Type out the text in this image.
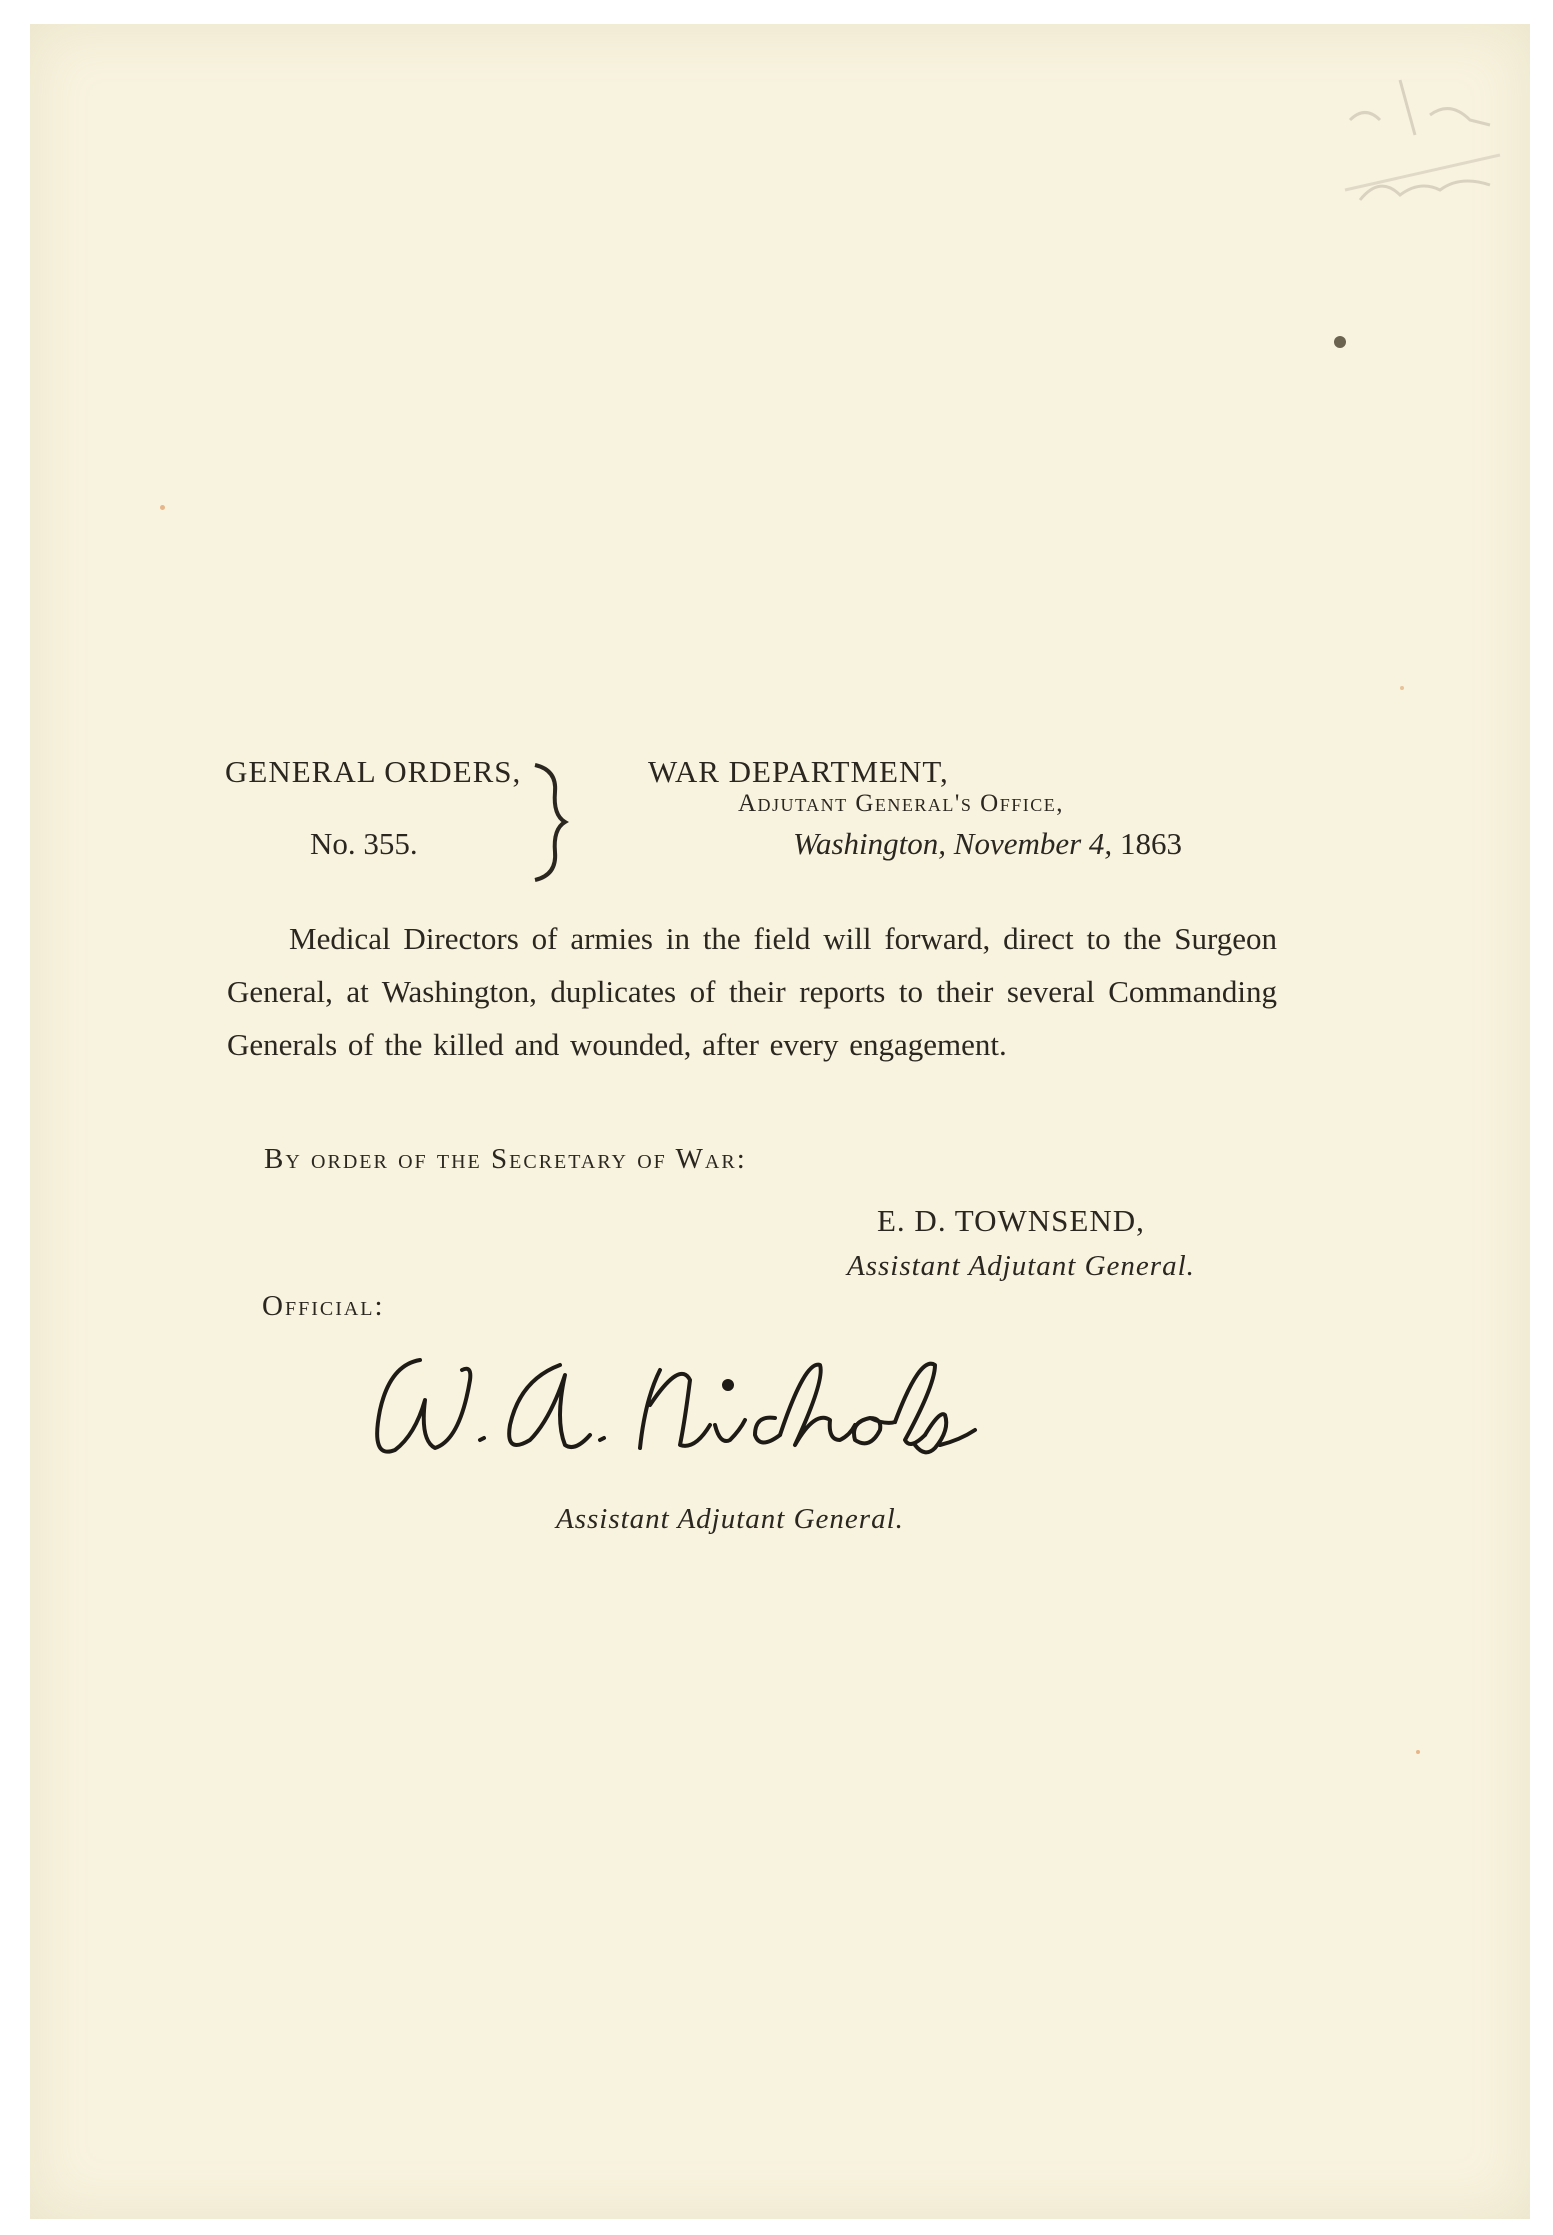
GENERAL ORDERS,
No. 355.
WAR DEPARTMENT,
Adjutant General's Office,
Washington, November 4, 1863
Medical Directors of armies in the field will forward, direct to the Surgeon General, at Washington, duplicates of their reports to their several Commanding Generals of the killed and wounded, after every engagement.
By order of the Secretary of War:
E. D. TOWNSEND,
Assistant Adjutant General.
Official:
Assistant Adjutant General.
